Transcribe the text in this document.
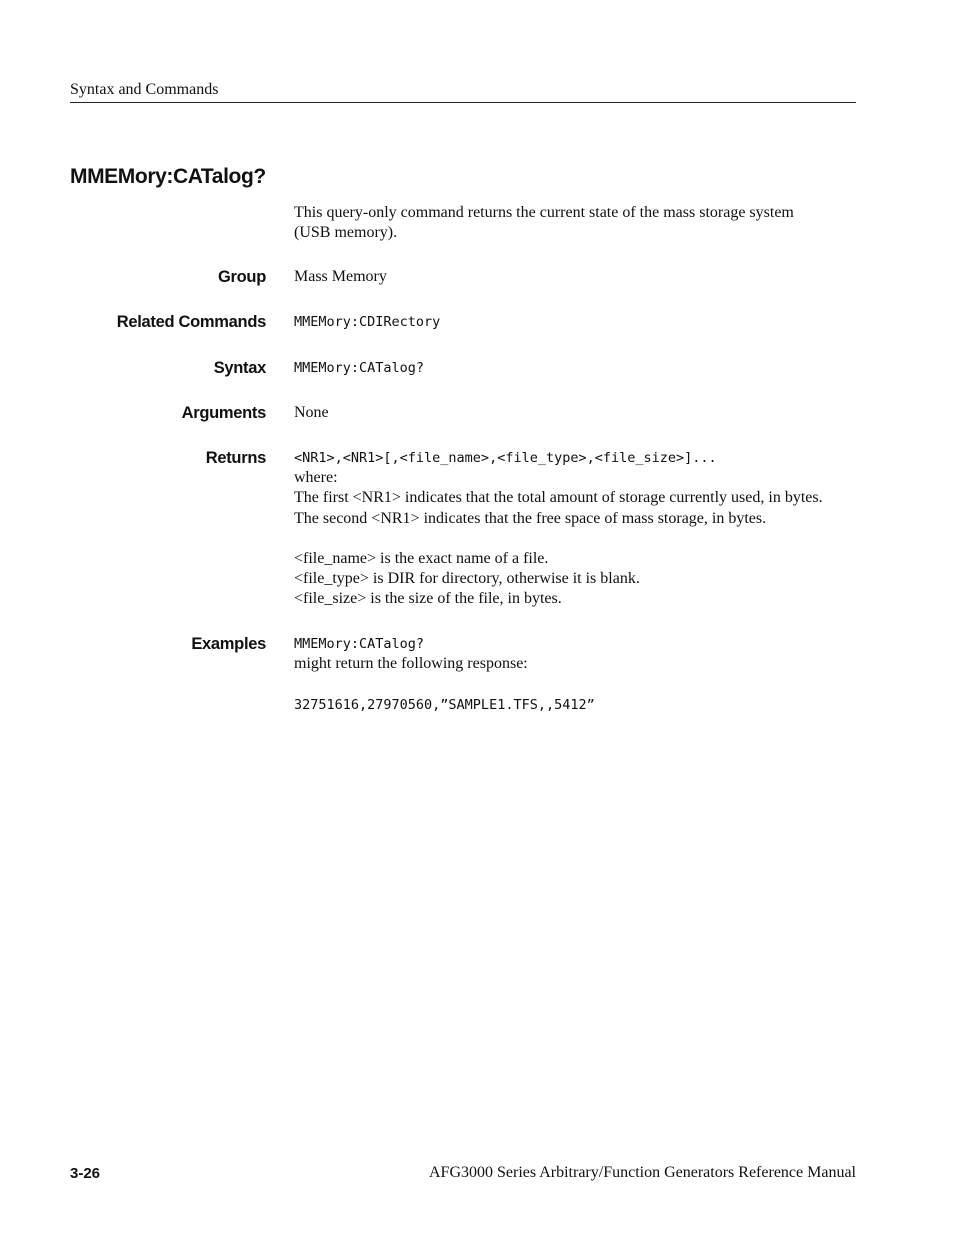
Syntax and Commands
MMEMory:CATalog?
This query-only command returns the current state of the mass storage system
(USB memory).
Group Mass Memory
Related Commands MMEMory:CDIRectory
Syntax MMEMory:CATalog?
Arguments None
Returns <NR1>,<NR1>[,<file_name>,<file_type>,<file_size>]...
where:
The first <NR1> indicates that the total amount of storage currently used, in bytes.
The second <NR1> indicates that the free space of mass storage, in bytes.
<file_name> is the exact name of a file.
<file_type> is DIR for directory, otherwise it is blank.
<file_size> is the size of the file, in bytes.
Examples MMEMory:CATalog?
might return the following response:
32751616,27970560,”SAMPLE1.TFS,,5412”
3-26	AFG3000 Series Arbitrary/Function Generators Reference Manual
